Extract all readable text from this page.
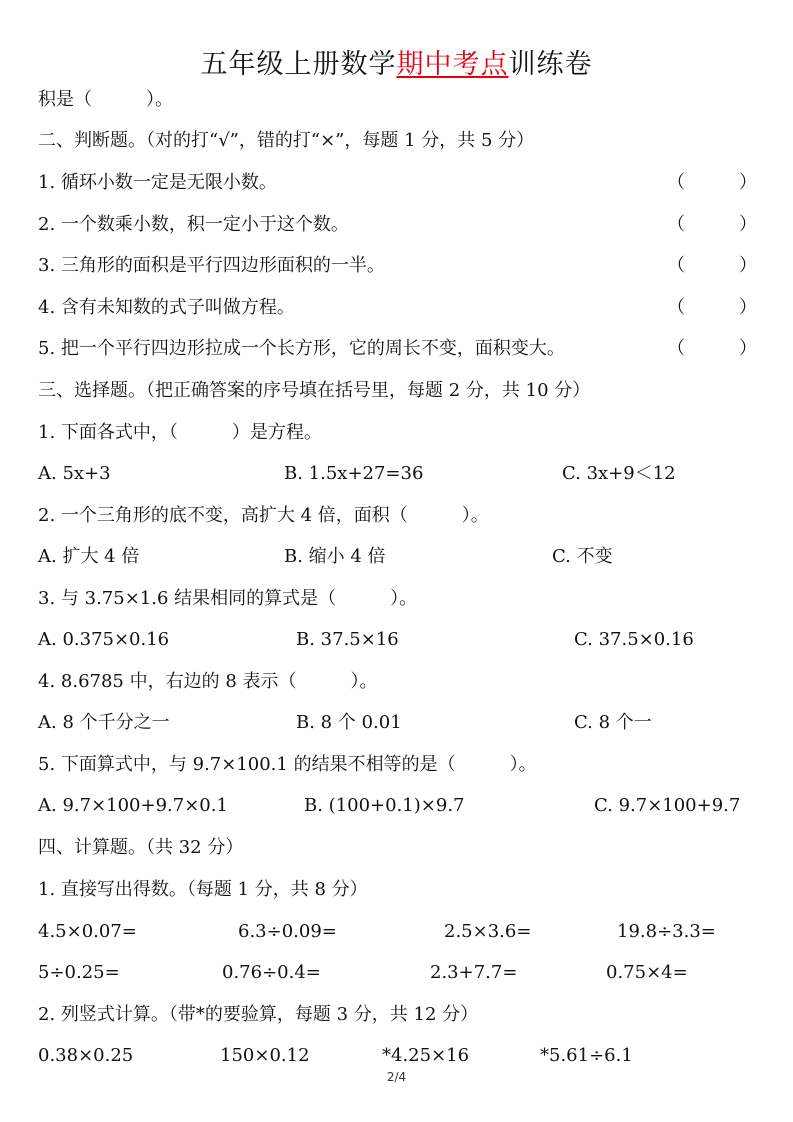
五年级上册数学期中考点训练卷
积是（　　　）。
二、判断题。（对的打“√”，错的打“×”，每题 1 分，共 5 分）
1. 循环小数一定是无限小数。	（　　　）
2. 一个数乘小数，积一定小于这个数。	（　　　）
3. 三角形的面积是平行四边形面积的一半。	（　　　）
4. 含有未知数的式子叫做方程。	（　　　）
5. 把一个平行四边形拉成一个长方形，它的周长不变，面积变大。	（　　　）
三、选择题。（把正确答案的序号填在括号里，每题 2 分，共 10 分）
1. 下面各式中，（　　　）是方程。
A. 5x+3	B. 1.5x+27=36	C. 3x+9＜12
2. 一个三角形的底不变，高扩大 4 倍，面积（　　　）。
A. 扩大 4 倍	B. 缩小 4 倍	C. 不变
3. 与 3.75×1.6 结果相同的算式是（　　　）。
A. 0.375×0.16	B. 37.5×16	C. 37.5×0.16
4. 8.6785 中，右边的 8 表示（　　　）。
A. 8 个千分之一	B. 8 个 0.01	C. 8 个一
5. 下面算式中，与 9.7×100.1 的结果不相等的是（　　　）。
A. 9.7×100+9.7×0.1	B. (100+0.1)×9.7	C. 9.7×100+9.7
四、计算题。（共 32 分）
1. 直接写出得数。（每题 1 分，共 8 分）
4.5×0.07=	6.3÷0.09=	2.5×3.6=	19.8÷3.3=
5÷0.25=	0.76÷0.4=	2.3+7.7=	0.75×4=
2. 列竖式计算。（带*的要验算，每题 3 分，共 12 分）
0.38×0.25	150×0.12	*4.25×16	*5.61÷6.1
2/4
